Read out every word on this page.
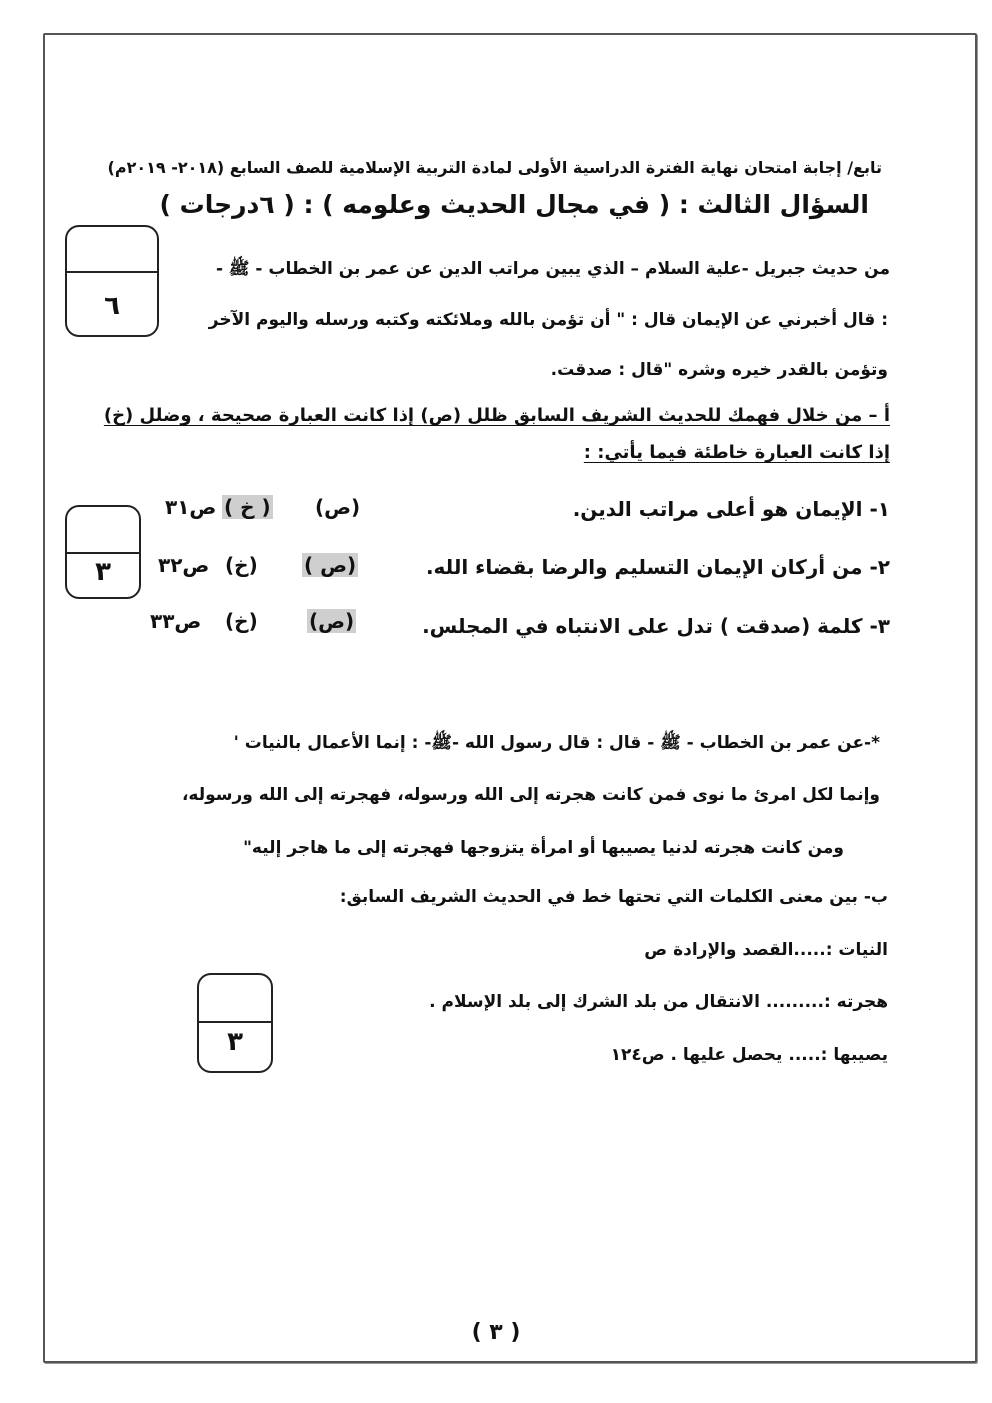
تابع/ إجابة امتحان نهاية الفترة الدراسية الأولى لمادة التربية الإسلامية للصف السابع (٢٠١٨- ٢٠١٩م)
السؤال الثالث : ( في مجال الحديث وعلومه ) : ( ٦درجات )
٦
من حديث جبريل -علية السلام – الذي يبين مراتب الدين عن عمر بن الخطاب - ﷺ -
: قال أخبرني عن الإيمان قال : " أن تؤمن بالله وملائكته وكتبه ورسله واليوم الآخر
وتؤمن بالقدر خيره وشره "قال : صدقت.
أ – من خلال فهمك للحديث الشريف السابق ظلل (ص) إذا كانت العبارة صحيحة ، وضلل (خ)
إذا كانت العبارة خاطئة فيما يأتي: :
٣
١- الإيمان هو أعلى مراتب الدين.
(ص)
( خ )
ص٣١
٢- من أركان الإيمان التسليم والرضا بقضاء الله.
( ص)
(خ)
ص٣٢
٣- كلمة (صدقت ) تدل على الانتباه في المجلس.
(ص)
(خ)
ص٣٣
*-عن عمر بن الخطاب - ﷺ - قال : قال رسول الله -ﷺ- : إنما الأعمال بالنيات '
وإنما لكل امرئ ما نوى فمن كانت هجرته إلى الله ورسوله، فهجرته إلى الله ورسوله،
ومن كانت هجرته لدنيا يصيبها أو امرأة يتزوجها فهجرته إلى ما هاجر إليه"
ب- بين معنى الكلمات التي تحتها خط في الحديث الشريف السابق:
النيات :.....القصد والإرادة ص
هجرته :......... الانتقال من بلد الشرك إلى بلد الإسلام .
يصيبها :..... يحصل عليها . ص١٢٤
٣
( ٣ )
